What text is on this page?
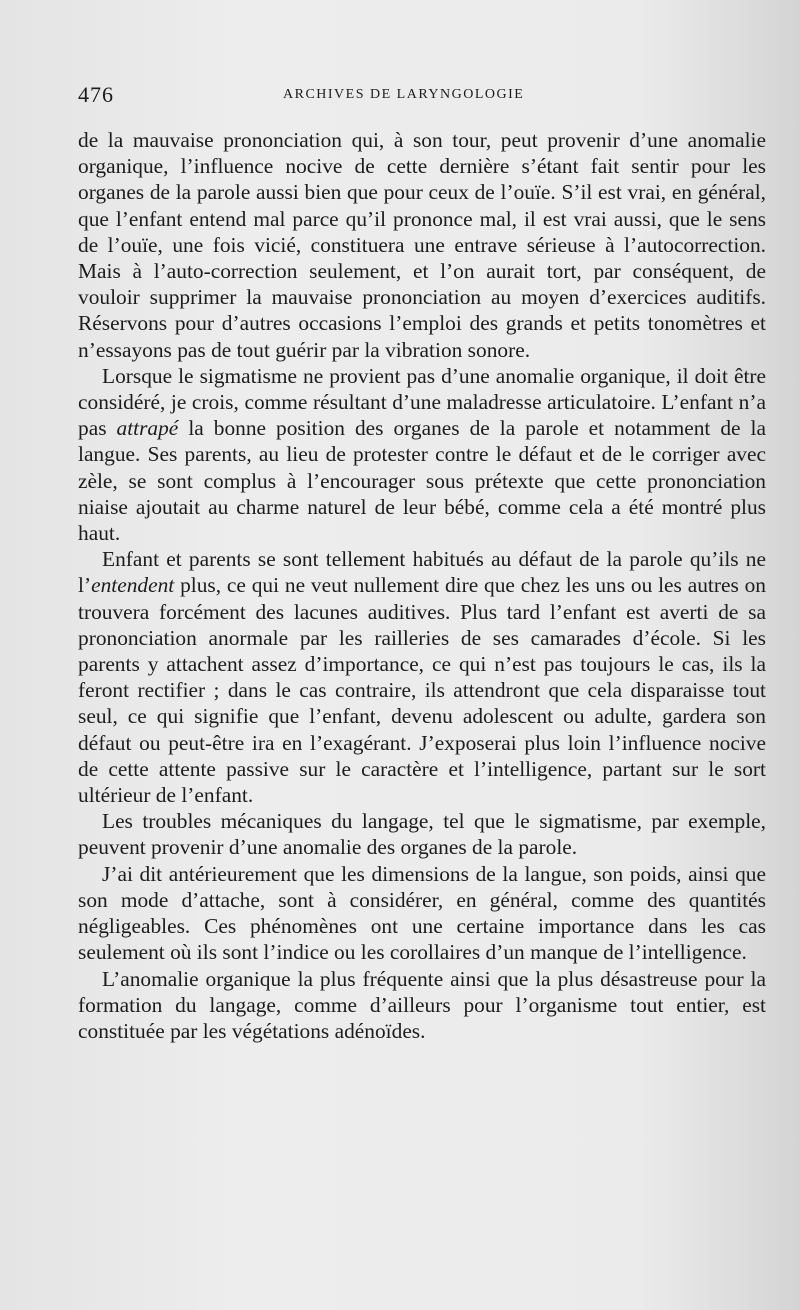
476	ARCHIVES DE LARYNGOLOGIE

de la mauvaise prononciation qui, à son tour, peut provenir d’une anomalie organique, l’influence nocive de cette dernière s’étant fait sentir pour les organes de la parole aussi bien que pour ceux de l’ouïe. S’il est vrai, en général, que l’enfant entend mal parce qu’il prononce mal, il est vrai aussi, que le sens de l’ouïe, une fois vicié, constituera une entrave sérieuse à l’autocorrection. Mais à l’auto-correction seulement, et l’on aurait tort, par conséquent, de vouloir supprimer la mauvaise prononciation au moyen d’exercices auditifs. Réservons pour d’autres occasions l’emploi des grands et petits tonomètres et n’essayons pas de tout guérir par la vibration sonore.

Lorsque le sigmatisme ne provient pas d’une anomalie organique, il doit être considéré, je crois, comme résultant d’une maladresse articulatoire. L’enfant n’a pas attrapé la bonne position des organes de la parole et notamment de la langue. Ses parents, au lieu de protester contre le défaut et de le corriger avec zèle, se sont complus à l’encourager sous prétexte que cette prononciation niaise ajoutait au charme naturel de leur bébé, comme cela a été montré plus haut.

Enfant et parents se sont tellement habitués au défaut de la parole qu’ils ne l’entendent plus, ce qui ne veut nullement dire que chez les uns ou les autres on trouvera forcément des lacunes auditives. Plus tard l’enfant est averti de sa prononciation anormale par les railleries de ses camarades d’école. Si les parents y attachent assez d’importance, ce qui n’est pas toujours le cas, ils la feront rectifier ; dans le cas contraire, ils attendront que cela disparaisse tout seul, ce qui signifie que l’enfant, devenu adolescent ou adulte, gardera son défaut ou peut-être ira en l’exagérant. J’exposerai plus loin l’influence nocive de cette attente passive sur le caractère et l’intelligence, partant sur le sort ultérieur de l’enfant.

Les troubles mécaniques du langage, tel que le sigmatisme, par exemple, peuvent provenir d’une anomalie des organes de la parole.

J’ai dit antérieurement que les dimensions de la langue, son poids, ainsi que son mode d’attache, sont à considérer, en général, comme des quantités négligeables. Ces phénomènes ont une certaine importance dans les cas seulement où ils sont l’indice ou les corollaires d’un manque de l’intelligence.

L’anomalie organique la plus fréquente ainsi que la plus désastreuse pour la formation du langage, comme d’ailleurs pour l’organisme tout entier, est constituée par les végétations adénoïdes.
